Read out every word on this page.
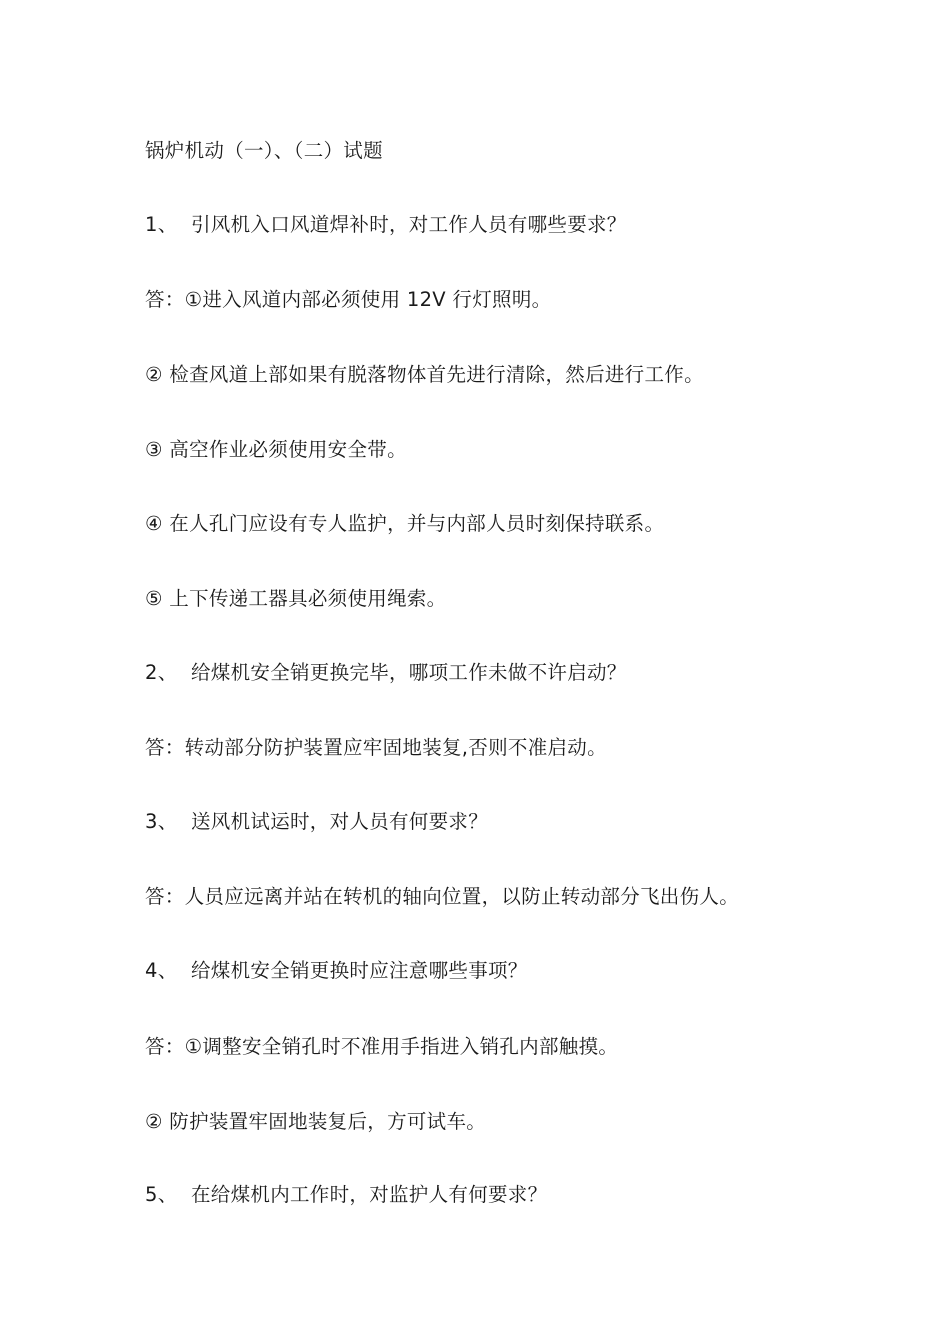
锅炉机动（一）、（二）试题
1、 引风机入口风道焊补时，对工作人员有哪些要求？
答：①进入风道内部必须使用 12V 行灯照明。
② 检查风道上部如果有脱落物体首先进行清除，然后进行工作。
③ 高空作业必须使用安全带。
④ 在人孔门应设有专人监护，并与内部人员时刻保持联系。
⑤ 上下传递工器具必须使用绳索。
2、 给煤机安全销更换完毕，哪项工作未做不许启动？
答：转动部分防护装置应牢固地装复,否则不准启动。
3、 送风机试运时，对人员有何要求？
答：人员应远离并站在转机的轴向位置，以防止转动部分飞出伤人。
4、 给煤机安全销更换时应注意哪些事项？
答：①调整安全销孔时不准用手指进入销孔内部触摸。
② 防护装置牢固地装复后，方可试车。
5、 在给煤机内工作时，对监护人有何要求？
